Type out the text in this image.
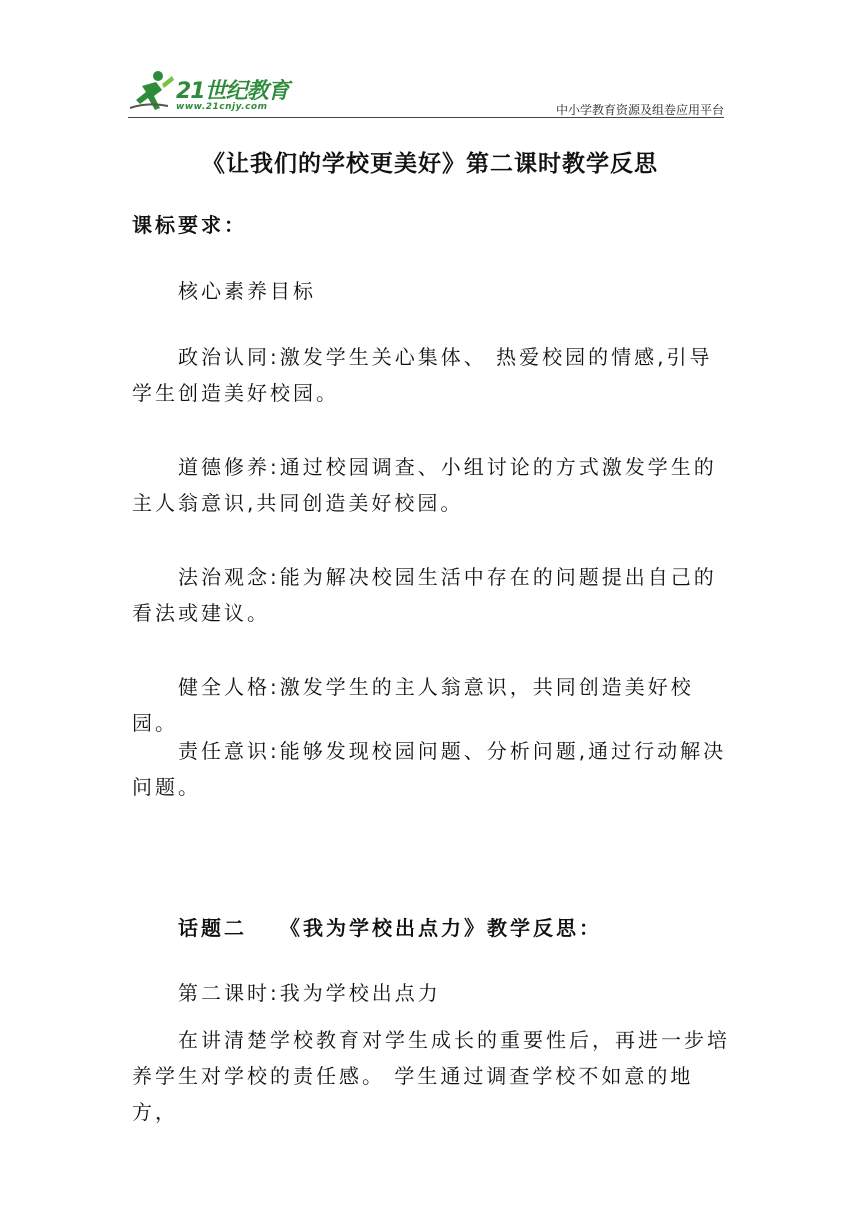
21世纪教育
www.21cnjy.com	中小学教育资源及组卷应用平台
《让我们的学校更美好》第二课时教学反思
课标要求：
核心素养目标
政治认同:激发学生关心集体、 热爱校园的情感,引导学生创造美好校园。
道德修养:通过校园调查、小组讨论的方式激发学生的主人翁意识,共同创造美好校园。
法治观念:能为解决校园生活中存在的问题提出自己的看法或建议。
健全人格:激发学生的主人翁意识，共同创造美好校园。
责任意识:能够发现校园问题、分析问题,通过行动解决问题。
话题二　 《我为学校出点力》教学反思：
第二课时:我为学校出点力
在讲清楚学校教育对学生成长的重要性后，再进一步培养学生对学校的责任感。 学生通过调查学校不如意的地方，
